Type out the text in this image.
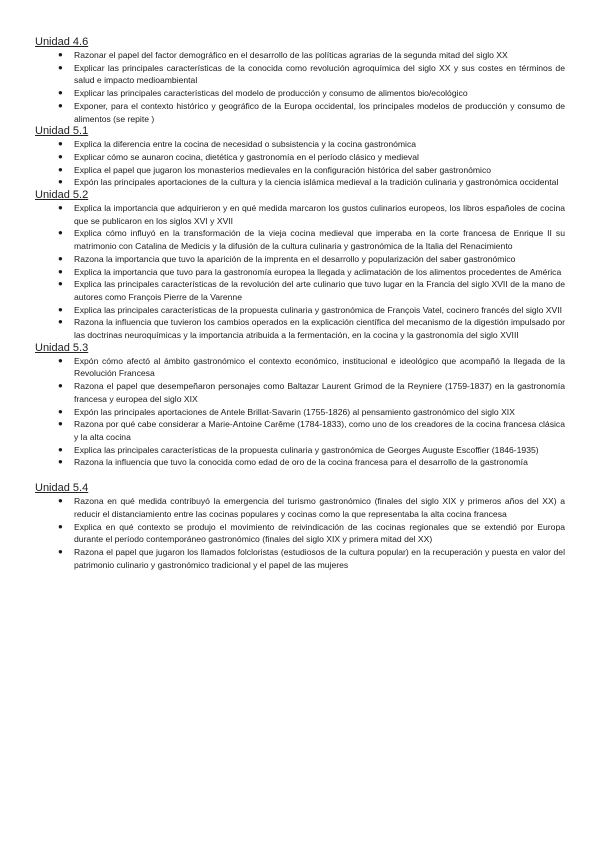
Unidad 4.6
● Razonar el papel del factor demográfico en el desarrollo de las políticas agrarias de la segunda mitad del siglo XX
● Explicar las principales características de la conocida como revolución agroquímica del siglo XX y sus costes en términos de salud e impacto medioambiental
● Explicar las principales características del modelo de producción y consumo de alimentos bio/ecológico
● Exponer, para el contexto histórico y geográfico de la Europa occidental, los principales modelos de producción y consumo de alimentos (se repite )
Unidad 5.1
● Explica la diferencia entre la cocina de necesidad o subsistencia y la cocina gastronómica
● Explicar cómo se aunaron cocina, dietética y gastronomía en el período clásico y medieval
● Explica el papel que jugaron los monasterios medievales en la configuración histórica del saber gastronómico
● Expón las principales aportaciones de la cultura y la ciencia islámica medieval a la tradición culinaria y gastronómica occidental
Unidad 5.2
● Explica la importancia que adquirieron y en qué medida marcaron los gustos culinarios europeos, los libros españoles de cocina que se publicaron en los siglos XVI y XVII
● Explica cómo influyó en la transformación de la vieja cocina medieval que imperaba en la corte francesa de Enrique II su matrimonio con Catalina de Medicis y la difusión de la cultura culinaria y gastronómica de la Italia del Renacimiento
● Razona la importancia que tuvo la aparición de la imprenta en el desarrollo y popularización del saber gastronómico
● Explica la importancia que tuvo para la gastronomía europea la llegada y aclimatación de los alimentos procedentes de América
● Explica las principales características de la revolución del arte culinario que tuvo lugar en la Francia del siglo XVII de la mano de autores como François Pierre de la Varenne
● Explica las principales características de la propuesta culinaria y gastronómica de François Vatel, cocinero francés del siglo XVII
● Razona la influencia que tuvieron los cambios operados en la explicación científica del mecanismo de la digestión impulsado por las doctrinas neuroquímicas y la importancia atribuida a la fermentación, en la cocina y la gastronomía del siglo XVIII
Unidad 5.3
● Expón cómo afectó al ámbito gastronómico el contexto económico, institucional e ideológico que acompañó la llegada de la Revolución Francesa
● Razona el papel que desempeñaron personajes como Baltazar Laurent Grimod de la Reyniere (1759-1837) en la gastronomía francesa y europea del siglo XIX
● Expón las principales aportaciones de Antele Brillat-Savarin (1755-1826) al pensamiento gastronómico del siglo XIX
● Razona por qué cabe considerar a Marie-Antoine Carême (1784-1833), como uno de los creadores de la cocina francesa clásica y la alta cocina
● Explica las principales características de la propuesta culinaria y gastronómica de Georges Auguste Escoffier (1846-1935)
● Razona la influencia que tuvo la conocida como edad de oro de la cocina francesa para el desarrollo de la gastronomía
Unidad 5.4
● Razona en qué medida contribuyó la emergencia del turismo gastronómico (finales del siglo XIX y primeros años del XX) a reducir el distanciamiento entre las cocinas populares y cocinas como la que representaba la alta cocina francesa
● Explica en qué contexto se produjo el movimiento de reivindicación de las cocinas regionales que se extendió por Europa durante el período contemporáneo gastronómico (finales del siglo XIX y primera mitad del XX)
● Razona el papel que jugaron los llamados folcloristas (estudiosos de la cultura popular) en la recuperación y puesta en valor del patrimonio culinario y gastronómico tradicional y el papel de las mujeres
